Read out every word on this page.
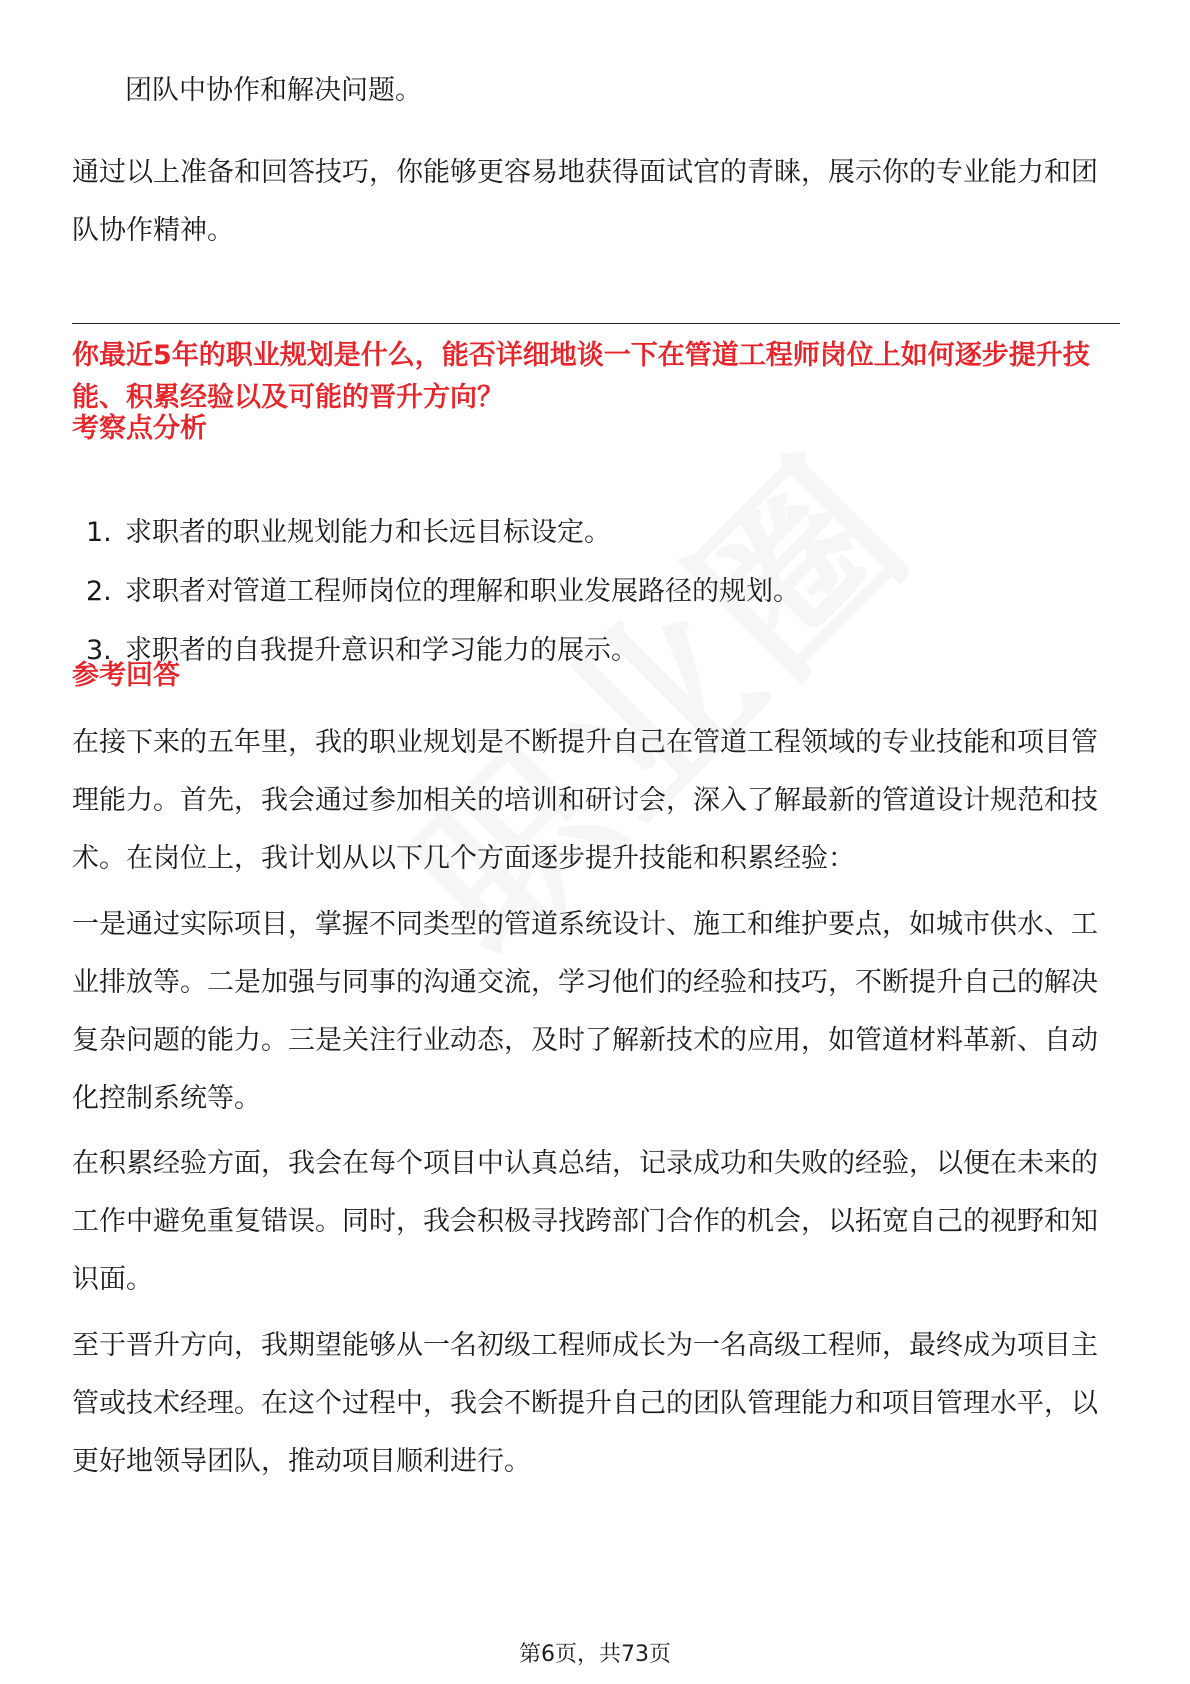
团队中协作和解决问题。

通过以上准备和回答技巧，你能够更容易地获得面试官的青睐，展示你的专业能力和团队协作精神。

你最近5年的职业规划是什么，能否详细地谈一下在管道工程师岗位上如何逐步提升技能、积累经验以及可能的晋升方向？

考察点分析

1. 求职者的职业规划能力和长远目标设定。
2. 求职者对管道工程师岗位的理解和职业发展路径的规划。
3. 求职者的自我提升意识和学习能力的展示。

参考回答

在接下来的五年里，我的职业规划是不断提升自己在管道工程领域的专业技能和项目管理能力。首先，我会通过参加相关的培训和研讨会，深入了解最新的管道设计规范和技术。在岗位上，我计划从以下几个方面逐步提升技能和积累经验：

一是通过实际项目，掌握不同类型的管道系统设计、施工和维护要点，如城市供水、工业排放等。二是加强与同事的沟通交流，学习他们的经验和技巧，不断提升自己的解决复杂问题的能力。三是关注行业动态，及时了解新技术的应用，如管道材料革新、自动化控制系统等。

在积累经验方面，我会在每个项目中认真总结，记录成功和失败的经验，以便在未来的工作中避免重复错误。同时，我会积极寻找跨部门合作的机会，以拓宽自己的视野和知识面。

至于晋升方向，我期望能够从一名初级工程师成长为一名高级工程师，最终成为项目主管或技术经理。在这个过程中，我会不断提升自己的团队管理能力和项目管理水平，以更好地领导团队，推动项目顺利进行。

第6页，共73页
